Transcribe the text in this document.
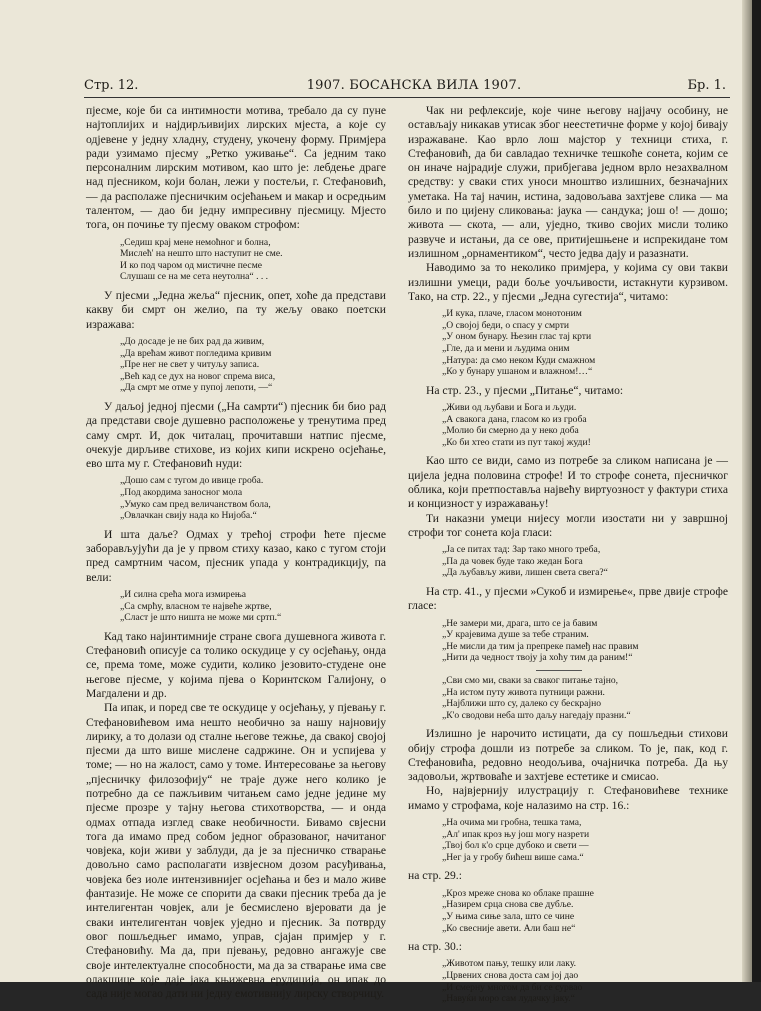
Стр. 12.	1907. БОСАНСКА ВИЛА 1907.	Бр. 1.

пјесме, које би са интимности мотива, требало да су пуне најтоплијих и најдирљивијих лирских мјеста, а које су одјевене у једну хладну, студену, укочену форму. Примјера ради узимамо пјесму „Ретко уживање“. Са једним тако персоналним лирским мотивом, као што је: лебдење драге над пјесником, који болан, лежи у постељи, г. Стефановић, — да располаже пјесничким осјећањем и макар и осредњим талентом, — дао би једну импресивну пјесмицу. Мјесто тога, он почиње ту пјесму оваком строфом:

„Седиш крај мене немоћног и болна,
Мислећ' на нешто што наступит не сме.
И ко под чаром од мистичне песме
Слушаш се на ме сета неутолна“ . . .

У пјесми „Једна жеља“ пјесник, опет, хоће да представи какву би смрт он желио, па ту жељу овако поетски изражава:

„До досаде је не бих рад да живим,
„Да врећам живот погледима кривим
„Пре нег не свет у читуљу записа.
„Већ кад се дух на новог спрема виса,
„Да смрт ме отме у пупој лепоти, —“

У даљој једној пјесми („На самрти“) пјесник би био рад да представи своје душевно расположење у тренутима пред саму смрт. И, док читалац, прочитавши натпис пјесме, очекује дирљиве стихове, из којих кипи искрено осјећање, ево шта му г. Стефановић нуди:

„Дошо сам с тугом до ивице гроба.
„Под акордима заносног мола
„Умуко сам пред величанством бола,
„Овлачкан свију нада ко Нијоба.“

И шта даље? Одмах у трећој строфи ћете пјесме заборављујући да је у првом стиху казао, како с тугом стоји пред самртним часом, пјесник упада у контрадикцију, па вели:

„И силна срећа мога измирења
„Са смрћу, власном те највеће жртве,
„Сласт је што ништа не може ми сртп.“

Кад тако најинтимније стране свога душевнога живота г. Стефановић описује са толико оскудице у су осјећању, онда се, према томе, може судити, колико језовито-студене оне његове пјесме, у којима пјева о Коринтском Галијону, о Магдалени и др.

Па ипак, и поред све те оскудице у осјећању, у пјевању г. Стефановићевом има нешто необично за нашу најновију лирику, а то долази од сталне његове тежње, да свакој својој пјесми да што више мислене садржине. Он и успијева у томе; — но на жалост, само у томе. Интересовање за његову „пјесничку филозофију“ не траје дуже него колико је потребно да се пажљивим читањем само једне једине му пјесме прозре у тајну његова стихотворства, — и онда одмах отпада изглед сваке необичности. Бивамо свјесни тога да имамо пред собом једног образованог, начитаног човјека, који живи у заблуди, да је за пјесничко стварање довољно само располагати извјесном дозом расуђивања, човјека без иоле интензивнијег осјећања и без и мало живе фантазије. Не може се спорити да сваки пјесник треба да је интелигентан човјек, али је бесмислено вјеровати да је сваки интелигентан човјек уједно и пјесник. За потврду овог пошљедњег имамо, управ, сјајан примјер у г. Стефановићу. Ма да, при пјевању, редовно ангажује све своје интелектуалне способности, ма да за стварање има све олакшице које даје јака књижевна ерудиција, он ипак до сада није могао дати ни једну емотивнију лирску створчицу.

Чак ни рефлексије, које чине његову најјачу особину, не остављају никакав утисак због неестетичне форме у којој бивају изражаване. Као врло лош мајстор у техници стиха, г. Стефановић, да би савладао техничке тешкоће сонета, којим се он иначе најрадије служи, прибјегава једном врло незахвалном средству: у сваки стих уноси мноштво излишних, безначајних уметака. На тај начин, истина, задовољава захтјеве слика — ма било и по цијену сликовања: јаука — сандука; још о! — дошо; живота — скота, — али, уједно, ткиво својих мисли толико развуче и истањи, да се ове, притијешњене и испрекидане том излишном „орнаментиком“, често једва дају и разазнати.

Наводимо за то неколико примјера, у којима су ови такви излишни умеци, ради боље уочљивости, истакнути курзивом. Тако, на стр. 22., у пјесми „Једна сугестија“, читамо:

„И кука, плаче, гласом монотоним
„О својој беди, о спасу у смрти
„У оном бунару. Њезин глас тај крти
„Гле, да и мени и људима оним
„Натура: да смо неком Куди смажном
„Ко у бунару ушаном и влажном!…“

На стр. 23., у пјесми „Питање“, читамо:

„Живи од љубави и Бога и људи.
„А свакога дана, гласом ко из гроба
„Молио би смерно да у неко доба
„Ко би хтео стати из пут такој жуди!

Као што се види, само из потребе за сликом написана је — цијела једна половина строфе! И то строфе сонета, пјесничког облика, који претпоставља највећу виртуозност у фактури стиха и концизност у изражавању!

Ти наказни умеци нијесу могли изостати ни у завршној строфи тог сонета која гласи:

„Ја се питах тад: Зар тако много треба,
„Па да човек буде тако жедан Бога
„Да љубављу живи, лишен света свега?“

На стр. 41., у пјесми »Сукоб и измирење«, прве двије строфе гласе:

„Не замери ми, драга, што се ја бавим
„У крајевима душе за тебе страним.
„Не мисли да тим ја препреке памеђ нас правим
„Нити да чедност твоју ја хоћу тим да раним!“
„Сви смо ми, сваки за сваког питање тајно,
„На истом путу живота путници ражни.
„Најближи што су, далеко су бескрајно
„К'о сводови неба што даљу нагедају празни.“

Излишно је нарочито истицати, да су пошљедњи стихови обију строфа дошли из потребе за сликом. То је, пак, код г. Стефановића, редовно неодољива, очајничка потреба. Да њу задовољи, жртвоваће и захтјеве естетике и смисао.

Но, највјернију илустрацију г. Стефановићеве технике имамо у строфама, које налазимо на стр. 16.:

„На очима ми гробна, тешка тама,
„Ал' ипак кроз њу још могу назрети
„Твој бол к'о срце дубоко и свети —
„Нег ја у гробу бићеш више сама.“

на стр. 29.:

„Кроз мреже снова ко облаке прашне
„Назирем срца снова све дубље.
„У њима сиње зала, што се чине
„Ко свесније авети. Али баш не“

на стр. 30.:

„Животом пању, тешку или лаку.
„Црвених снова доста сам јој дао
„И смерну многом да би се сурвао
„Навуќи моро сам лудачку јаку.“
